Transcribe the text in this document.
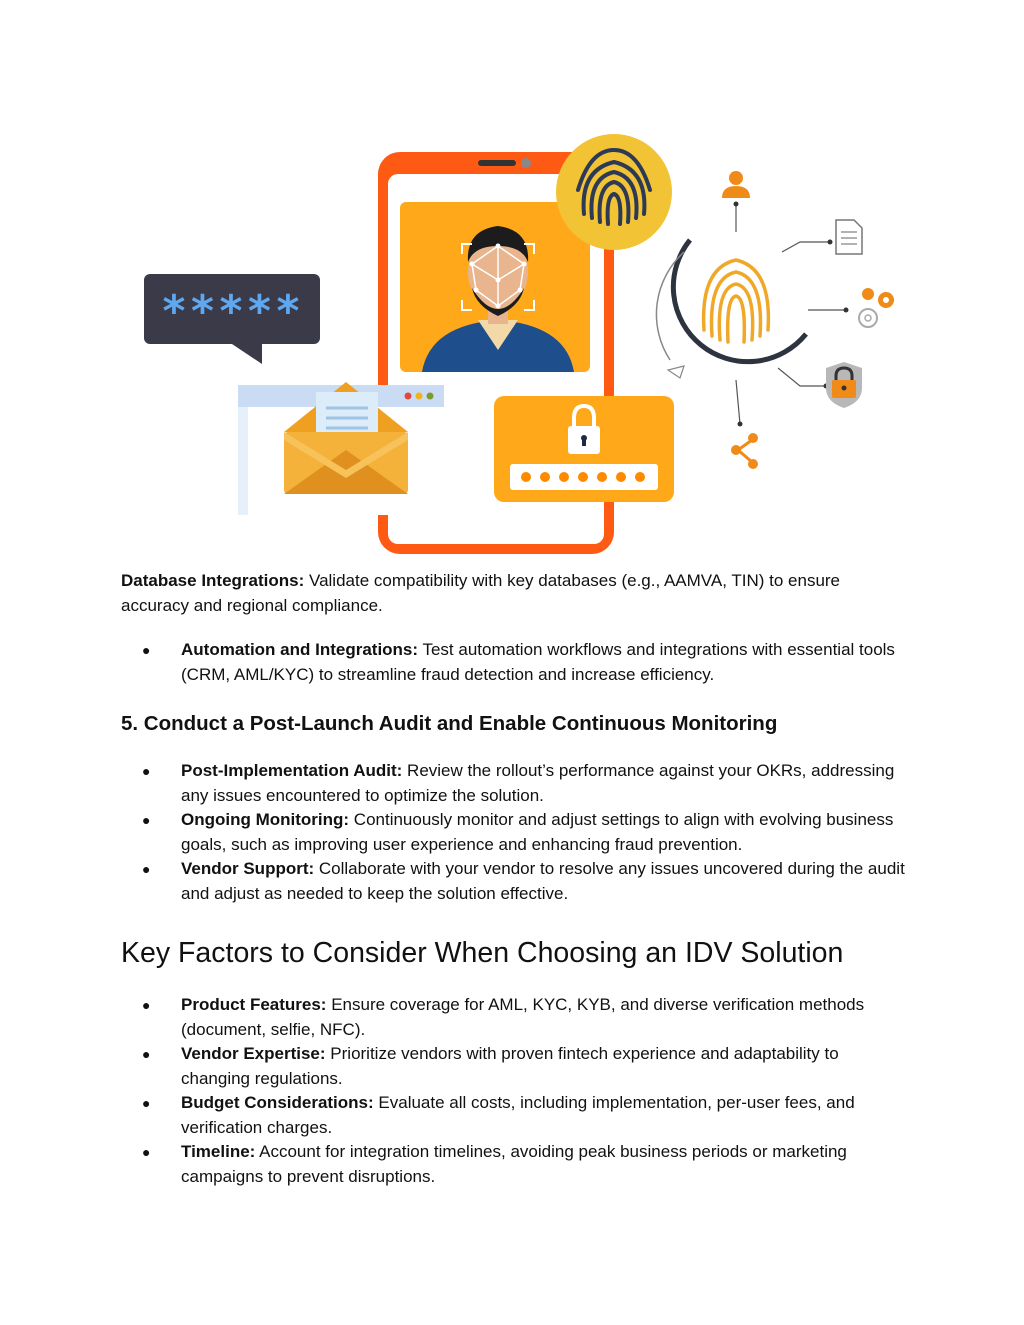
*****

Database Integrations: Validate compatibility with key databases (e.g., AAMVA, TIN) to ensure accuracy and regional compliance.

● Automation and Integrations: Test automation workflows and integrations with essential tools (CRM, AML/KYC) to streamline fraud detection and increase efficiency.
5. Conduct a Post-Launch Audit and Enable Continuous Monitoring
● Post-Implementation Audit: Review the rollout’s performance against your OKRs, addressing any issues encountered to optimize the solution.
● Ongoing Monitoring: Continuously monitor and adjust settings to align with evolving business goals, such as improving user experience and enhancing fraud prevention.
● Vendor Support: Collaborate with your vendor to resolve any issues uncovered during the audit and adjust as needed to keep the solution effective.
Key Factors to Consider When Choosing an IDV Solution
● Product Features: Ensure coverage for AML, KYC, KYB, and diverse verification methods (document, selfie, NFC).
● Vendor Expertise: Prioritize vendors with proven fintech experience and adaptability to changing regulations.
● Budget Considerations: Evaluate all costs, including implementation, per-user fees, and verification charges.
● Timeline: Account for integration timelines, avoiding peak business periods or marketing campaigns to prevent disruptions.
